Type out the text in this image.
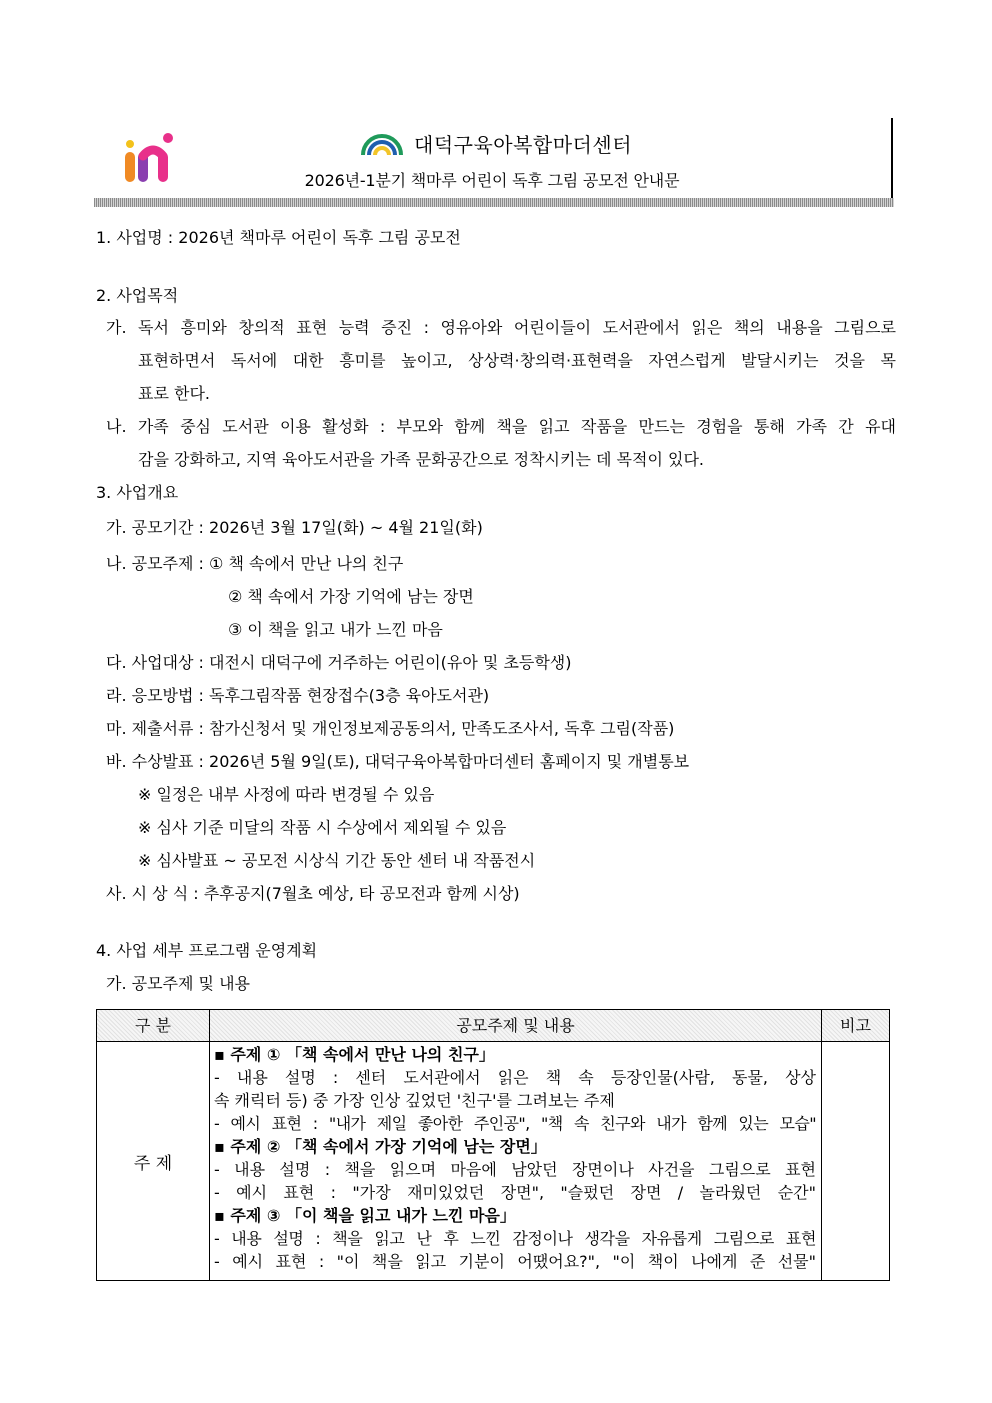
대덕구육아복합마더센터
2026년-1분기 책마루 어린이 독후 그림 공모전 안내문
1. 사업명 : 2026년 책마루 어린이 독후 그림 공모전
2. 사업목적
가. 독서 흥미와 창의적 표현 능력 증진 : 영유아와 어린이들이 도서관에서 읽은 책의 내용을 그림으로
표현하면서 독서에 대한 흥미를 높이고, 상상력·창의력·표현력을 자연스럽게 발달시키는 것을 목
표로 한다.
나. 가족 중심 도서관 이용 활성화 : 부모와 함께 책을 읽고 작품을 만드는 경험을 통해 가족 간 유대
감을 강화하고, 지역 육아도서관을 가족 문화공간으로 정착시키는 데 목적이 있다.
3. 사업개요
가. 공모기간 : 2026년 3월 17일(화) ~ 4월 21일(화)
나. 공모주제 : ① 책 속에서 만난 나의 친구
② 책 속에서 가장 기억에 남는 장면
③ 이 책을 읽고 내가 느낀 마음
다. 사업대상 : 대전시 대덕구에 거주하는 어린이(유아 및 초등학생)
라. 응모방법 : 독후그림작품 현장접수(3층 육아도서관)
마. 제출서류 : 참가신청서 및 개인정보제공동의서, 만족도조사서, 독후 그림(작품)
바. 수상발표 : 2026년 5월 9일(토), 대덕구육아복합마더센터 홈페이지 및 개별통보
※ 일정은 내부 사정에 따라 변경될 수 있음
※ 심사 기준 미달의 작품 시 수상에서 제외될 수 있음
※ 심사발표 ~ 공모전 시상식 기간 동안 센터 내 작품전시
사. 시 상 식 : 추후공지(7월초 예상, 타 공모전과 함께 시상)
4. 사업 세부 프로그램 운영계획
가. 공모주제 및 내용
구 분	공모주제 및 내용	비고
주 제
▪ 주제 ① 「책 속에서 만난 나의 친구」
- 내용 설명 : 센터 도서관에서 읽은 책 속 등장인물(사람, 동물, 상상
속 캐릭터 등) 중 가장 인상 깊었던 '친구'를 그려보는 주제
- 예시 표현 : "내가 제일 좋아한 주인공", "책 속 친구와 내가 함께 있는 모습"
▪ 주제 ② 「책 속에서 가장 기억에 남는 장면」
- 내용 설명 : 책을 읽으며 마음에 남았던 장면이나 사건을 그림으로 표현
- 예시 표현 : "가장 재미있었던 장면", "슬펐던 장면 / 놀라웠던 순간"
▪ 주제 ③ 「이 책을 읽고 내가 느낀 마음」
- 내용 설명 : 책을 읽고 난 후 느낀 감정이나 생각을 자유롭게 그림으로 표현
- 예시 표현 : "이 책을 읽고 기분이 어땠어요?", "이 책이 나에게 준 선물"
